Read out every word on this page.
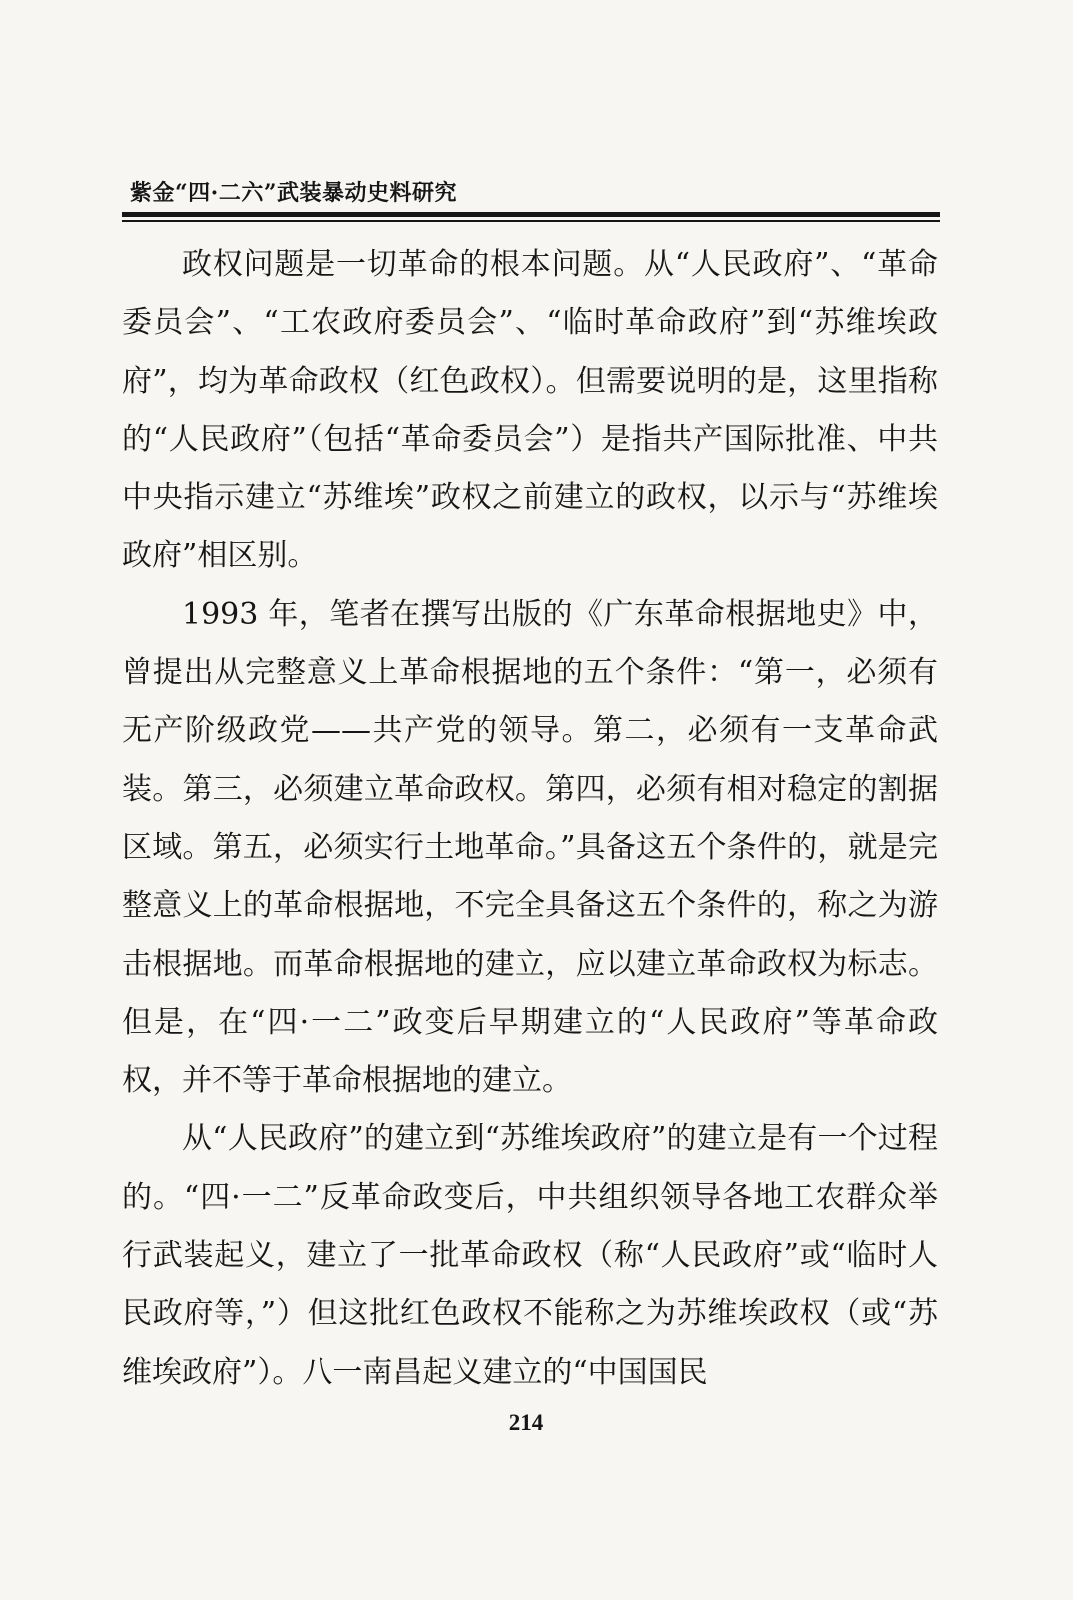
紫金“四·二六”武装暴动史料研究

政权问题是一切革命的根本问题。从“人民政府”、“革命委员会”、“工农政府委员会”、“临时革命政府”到“苏维埃政府”，均为革命政权（红色政权）。但需要说明的是，这里指称的“人民政府”（包括“革命委员会”）是指共产国际批准、中共中央指示建立“苏维埃”政权之前建立的政权，以示与“苏维埃政府”相区别。

1993 年，笔者在撰写出版的《广东革命根据地史》中，曾提出从完整意义上革命根据地的五个条件：“第一，必须有无产阶级政党——共产党的领导。第二，必须有一支革命武装。第三，必须建立革命政权。第四，必须有相对稳定的割据区域。第五，必须实行土地革命。”具备这五个条件的，就是完整意义上的革命根据地，不完全具备这五个条件的，称之为游击根据地。而革命根据地的建立，应以建立革命政权为标志。但是，在“四·一二”政变后早期建立的“人民政府”等革命政权，并不等于革命根据地的建立。

从“人民政府”的建立到“苏维埃政府”的建立是有一个过程的。“四·一二”反革命政变后，中共组织领导各地工农群众举行武装起义，建立了一批革命政权（称“人民政府”或“临时人民政府等，”）但这批红色政权不能称之为苏维埃政权（或“苏维埃政府”）。八一南昌起义建立的“中国国民

214
